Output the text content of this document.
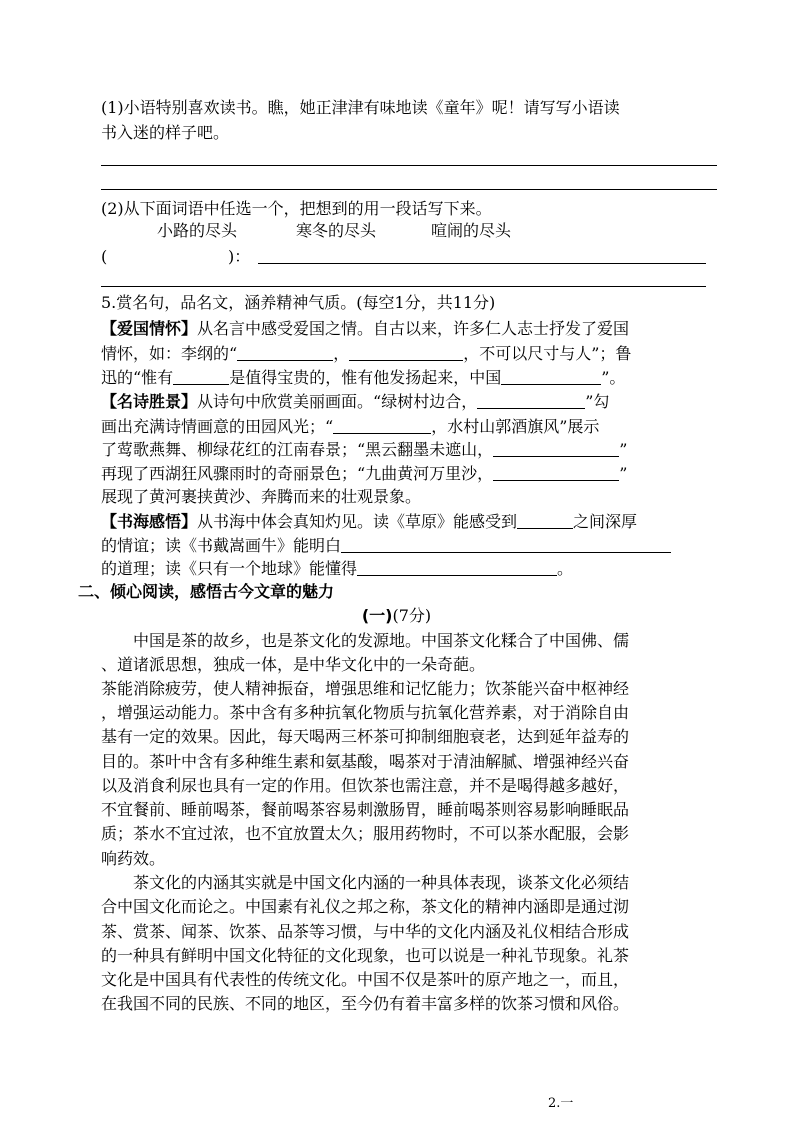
(1)小语特别喜欢读书。瞧，她正津津有味地读《童年》呢！请写写小语读
书入迷的样子吧。
(2)从下面词语中任选一个，把想到的用一段话写下来。
小路的尽头	寒冬的尽头	喧闹的尽头
(	)：
5.赏名句，品名文，涵养精神气质。(每空1分，共11分)
【爱国情怀】从名言中感受爱国之情。自古以来，许多仁人志士抒发了爱国
情怀，如：李纲的“	，	，不可以尺寸与人”；鲁
迅的“惟有	是值得宝贵的，惟有他发扬起来，中国	”。
【名诗胜景】从诗句中欣赏美丽画面。“绿树村边合，	”勾
画出充满诗情画意的田园风光；“	，水村山郭酒旗风”展示
了莺歌燕舞、柳绿花红的江南春景；“黑云翻墨未遮山，	”
再现了西湖狂风骤雨时的奇丽景色；“九曲黄河万里沙，	”
展现了黄河裹挟黄沙、奔腾而来的壮观景象。
【书海感悟】从书海中体会真知灼见。读《草原》能感受到	之间深厚
的情谊；读《书戴嵩画牛》能明白
的道理；读《只有一个地球》能懂得	。
二、倾心阅读，感悟古今文章的魅力
(一)(7分)
　　中国是茶的故乡，也是茶文化的发源地。中国茶文化糅合了中国佛、儒
、道诸派思想，独成一体，是中华文化中的一朵奇葩。
茶能消除疲劳，使人精神振奋，增强思维和记忆能力；饮茶能兴奋中枢神经
，增强运动能力。茶中含有多种抗氧化物质与抗氧化营养素，对于消除自由
基有一定的效果。因此，每天喝两三杯茶可抑制细胞衰老，达到延年益寿的
目的。茶叶中含有多种维生素和氨基酸，喝茶对于清油解腻、增强神经兴奋
以及消食利尿也具有一定的作用。但饮茶也需注意，并不是喝得越多越好，
不宜餐前、睡前喝茶，餐前喝茶容易刺激肠胃，睡前喝茶则容易影响睡眠品
质；茶水不宜过浓，也不宜放置太久；服用药物时，不可以茶水配服，会影
响药效。
　　茶文化的内涵其实就是中国文化内涵的一种具体表现，谈茶文化必须结
合中国文化而论之。中国素有礼仪之邦之称，茶文化的精神内涵即是通过沏
茶、赏茶、闻茶、饮茶、品茶等习惯，与中华的文化内涵及礼仪相结合形成
的一种具有鲜明中国文化特征的文化现象，也可以说是一种礼节现象。礼茶
文化是中国具有代表性的传统文化。中国不仅是茶叶的原产地之一，而且，
在我国不同的民族、不同的地区，至今仍有着丰富多样的饮茶习惯和风俗。
2.一
